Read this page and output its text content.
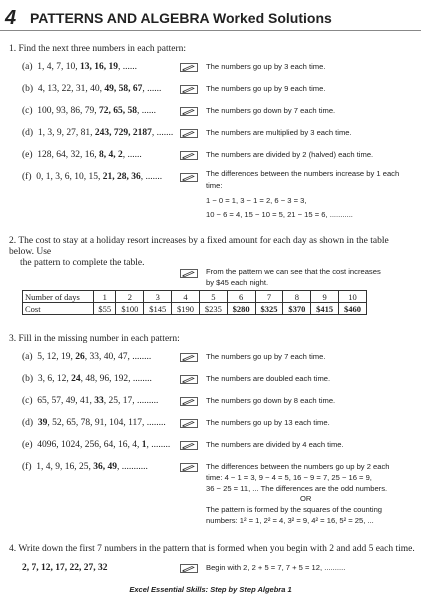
4 PATTERNS AND ALGEBRA Worked Solutions
1. Find the next three numbers in each pattern:
(a) 1, 4, 7, 10, 13, 16, 19, ......	The numbers go up by 3 each time.
(b) 4, 13, 22, 31, 40, 49, 58, 67, ......	The numbers go up by 9 each time.
(c) 100, 93, 86, 79, 72, 65, 58, ......	The numbers go down by 7 each time.
(d) 1, 3, 9, 27, 81, 243, 729, 2187, .......	The numbers are multiplied by 3 each time.
(e) 128, 64, 32, 16, 8, 4, 2, ......	The numbers are divided by 2 (halved) each time.
(f) 0, 1, 3, 6, 10, 15, 21, 28, 36, .......	The differences between the numbers increase by 1 each time:
1 − 0 = 1, 3 − 1 = 2, 6 − 3 = 3,
10 − 6 = 4, 15 − 10 = 5, 21 − 15 = 6, ...........
2. The cost to stay at a holiday resort increases by a fixed amount for each day as shown in the table below. Use
the pattern to complete the table.
From the pattern we can see that the cost increases
by $45 each night.
Number of days	1	2	3	4	5	6	7	8	9	10
Cost	$55	$100	$145	$190	$235	$280	$325	$370	$415	$460
3. Fill in the missing number in each pattern:
(a) 5, 12, 19, 26, 33, 40, 47, ........	The numbers go up by 7 each time.
(b) 3, 6, 12, 24, 48, 96, 192, ........	The numbers are doubled each time.
(c) 65, 57, 49, 41, 33, 25, 17, .........	The numbers go down by 8 each time.
(d) 39, 52, 65, 78, 91, 104, 117, ........	The numbers go up by 13 each time.
(e) 4096, 1024, 256, 64, 16, 4, 1, ........	The numbers are divided by 4 each time.
(f) 1, 4, 9, 16, 25, 36, 49, ...........	The differences between the numbers go up by 2 each
time: 4 − 1 = 3, 9 − 4 = 5, 16 − 9 = 7, 25 − 16 = 9,
36 − 25 = 11, ... The differences are the odd numbers.
OR
The pattern is formed by the squares of the counting
numbers: 1² = 1, 2² = 4, 3² = 9, 4² = 16, 5² = 25, ...
4. Write down the first 7 numbers in the pattern that is formed when you begin with 2 and add 5 each time.
2, 7, 12, 17, 22, 27, 32	Begin with 2, 2 + 5 = 7, 7 + 5 = 12, ..........
Excel Essential Skills: Step by Step Algebra 1
